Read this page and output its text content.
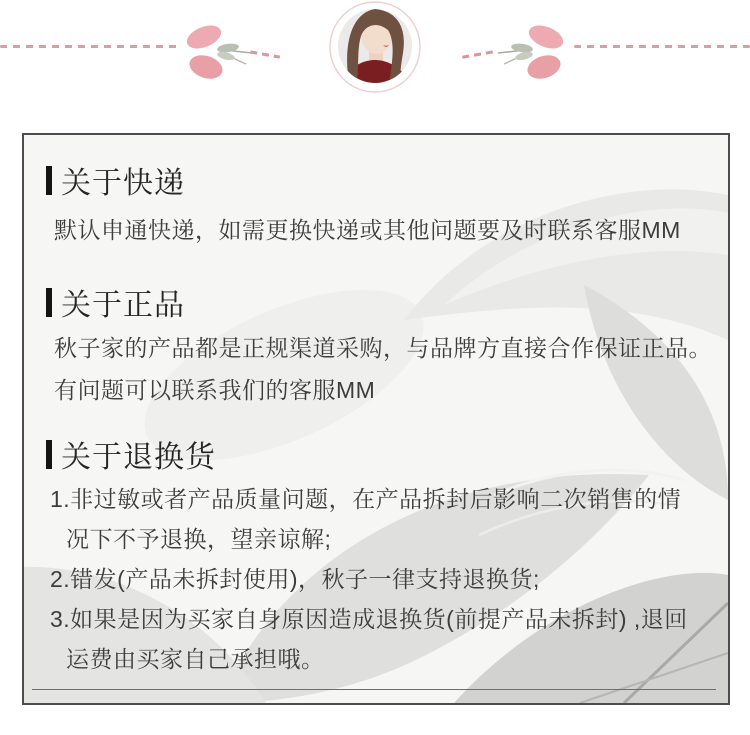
关于快递

默认申通快递，如需更换快递或其他问题要及时联系客服MM

关于正品

秋子家的产品都是正规渠道采购，与品牌方直接合作保证正品。

有问题可以联系我们的客服MM

关于退换货

1.非过敏或者产品质量问题，在产品拆封后影响二次销售的情

况下不予退换，望亲谅解;

2.错发(产品未拆封使用)，秋子一律支持退换货;

3.如果是因为买家自身原因造成退换货(前提产品未拆封) ,退回

运费由买家自己承担哦。
